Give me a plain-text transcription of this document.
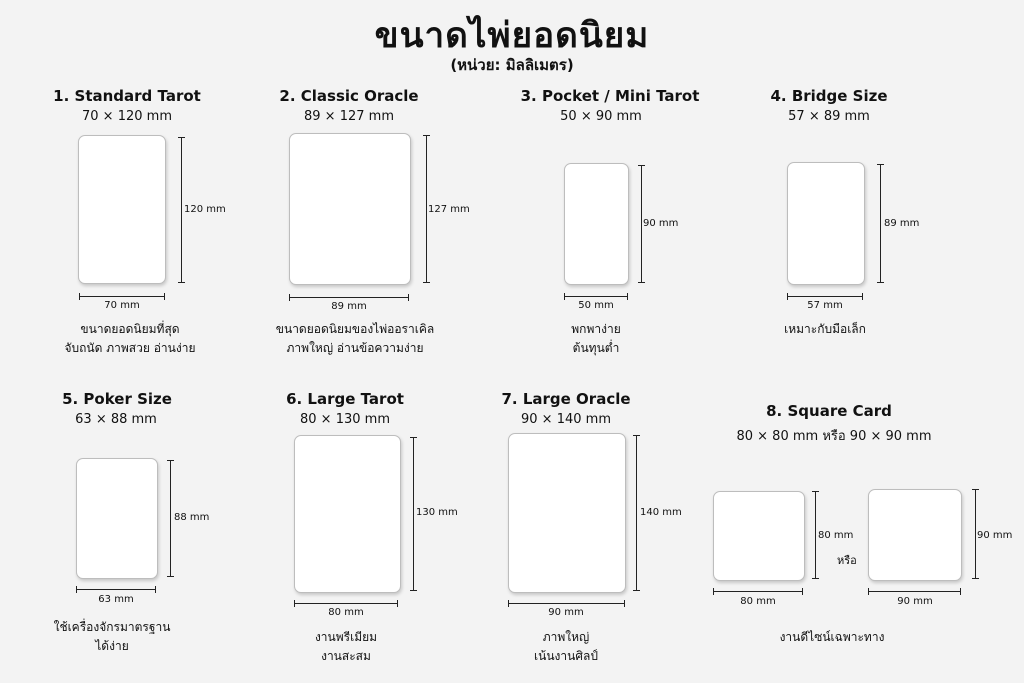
ขนาดไพ่ยอดนิยม
(หน่วย: มิลลิเมตร)
1. Standard Tarot
70 × 120 mm
120 mm
70 mm
ขนาดยอดนิยมที่สุด
จับถนัด ภาพสวย อ่านง่าย
2. Classic Oracle
89 × 127 mm
127 mm
89 mm
ขนาดยอดนิยมของไพ่ออราเคิล
ภาพใหญ่ อ่านข้อความง่าย
3. Pocket / Mini Tarot
50 × 90 mm
90 mm
50 mm
พกพาง่าย
ต้นทุนต่ำ
4. Bridge Size
57 × 89 mm
89 mm
57 mm
เหมาะกับมือเล็ก
5. Poker Size
63 × 88 mm
88 mm
63 mm
ใช้เครื่องจักรมาตรฐาน
ได้ง่าย
6. Large Tarot
80 × 130 mm
130 mm
80 mm
งานพรีเมียม
งานสะสม
7. Large Oracle
90 × 140 mm
140 mm
90 mm
ภาพใหญ่
เน้นงานศิลป์
8. Square Card
80 × 80 mm หรือ 90 × 90 mm
80 mm
80 mm
หรือ
90 mm
90 mm
งานดีไซน์เฉพาะทาง
